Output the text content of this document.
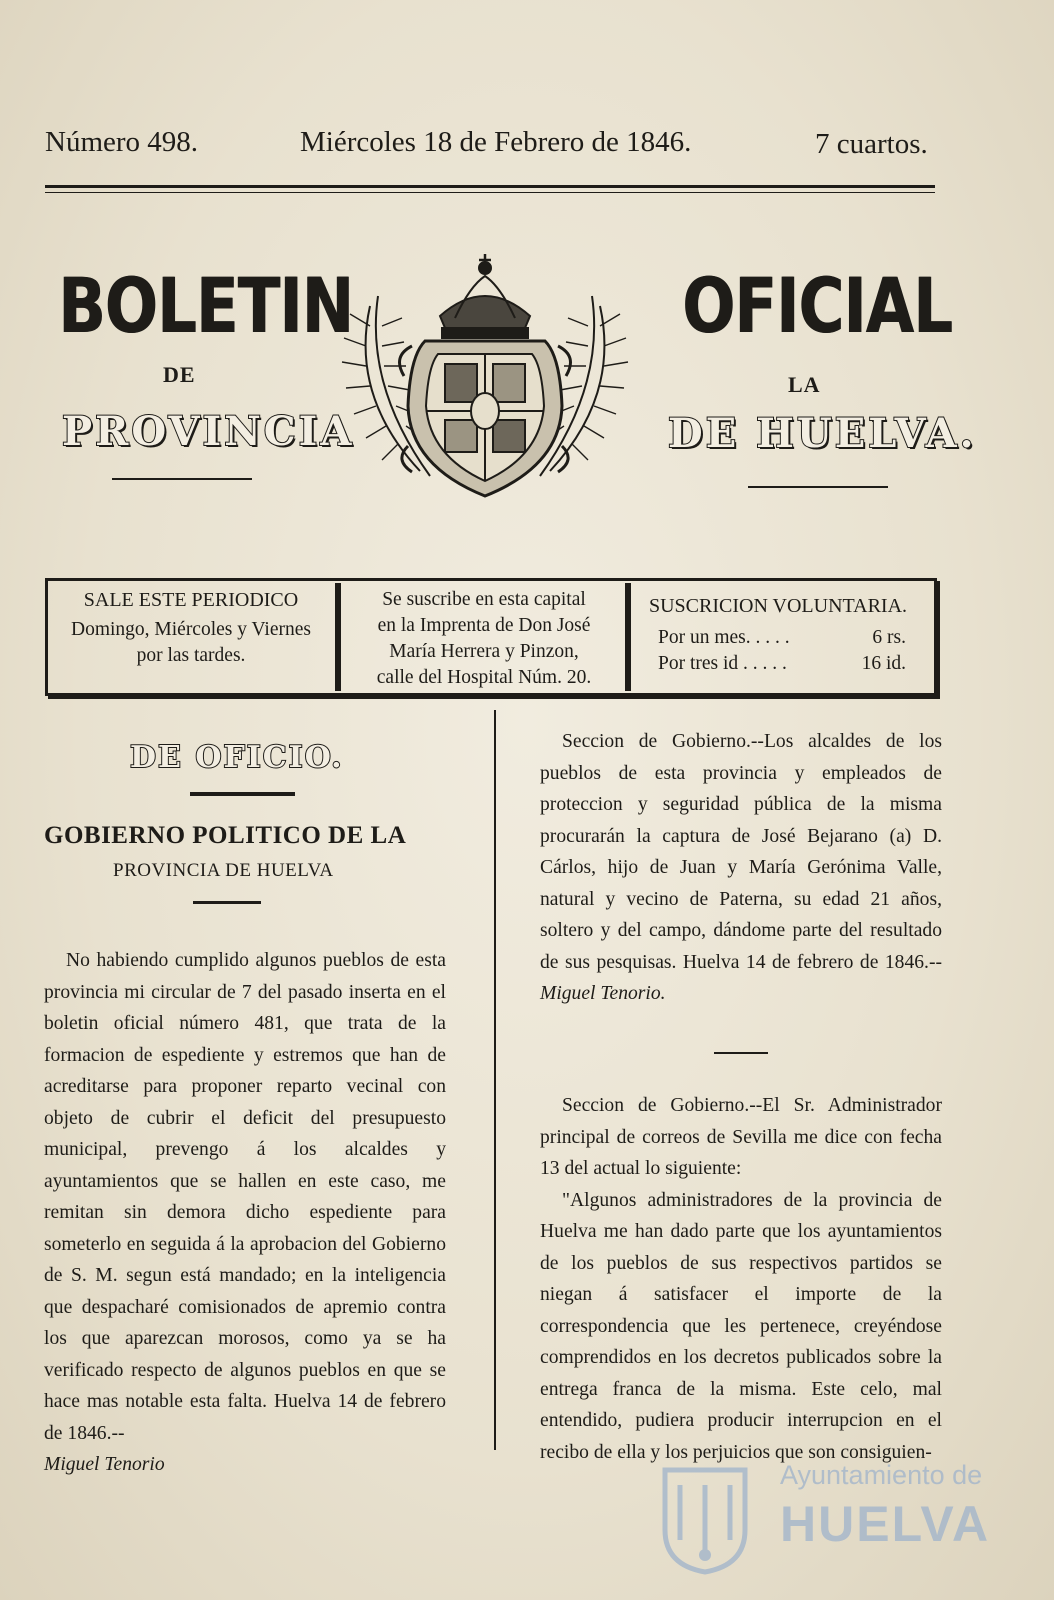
Número 498.	Miércoles 18 de Febrero de 1846.	7 cuartos.
BOLETIN
DE
PROVINCIA
OFICIAL
LA
DE HUELVA.
SALE ESTE PERIODICO
Domingo, Miércoles y Viernes
por las tardes.
Se suscribe en esta capital
en la Imprenta de Don José
María Herrera y Pinzon,
calle del Hospital Núm. 20.
SUSCRICION VOLUNTARIA.
Por un mes. . . . .	6 rs.
Por tres id . . . . .	16 id.
DE OFICIO.
GOBIERNO POLITICO DE LA
PROVINCIA DE HUELVA

No habiendo cumplido algunos pueblos de esta provincia mi circular de 7 del pasado inserta en el boletin oficial número 481, que trata de la formacion de espediente y estremos que han de acreditarse para proponer reparto vecinal con objeto de cubrir el deficit del presupuesto municipal, prevengo á los alcaldes y ayuntamientos que se hallen en este caso, me remitan sin demora dicho espediente para someterlo en seguida á la aprobacion del Gobierno de S. M. segun está mandado; en la inteligencia que despacharé comisionados de apremio contra los que aparezcan morosos, como ya se ha verificado respecto de algunos pueblos en que se hace mas notable esta falta. Huelva 14 de febrero de 1846.--

Miguel Tenorio

Seccion de Gobierno.--Los alcaldes de los pueblos de esta provincia y empleados de proteccion y seguridad pública de la misma procurarán la captura de José Bejarano (a) D. Cárlos, hijo de Juan y María Gerónima Valle, natural y vecino de Paterna, su edad 21 años, soltero y del campo, dándome parte del resultado de sus pesquisas. Huelva 14 de febrero de 1846.--Miguel Tenorio.

Seccion de Gobierno.--El Sr. Administrador principal de correos de Sevilla me dice con fecha 13 del actual lo siguiente:

"Algunos administradores de la provincia de Huelva me han dado parte que los ayuntamientos de los pueblos de sus respectivos partidos se niegan á satisfacer el importe de la correspondencia que les pertenece, creyéndose comprendidos en los decretos publicados sobre la entrega franca de la misma. Este celo, mal entendido, pudiera producir interrupcion en el recibo de ella y los perjuicios que son consiguien-

Ayuntamiento de
HUELVA
